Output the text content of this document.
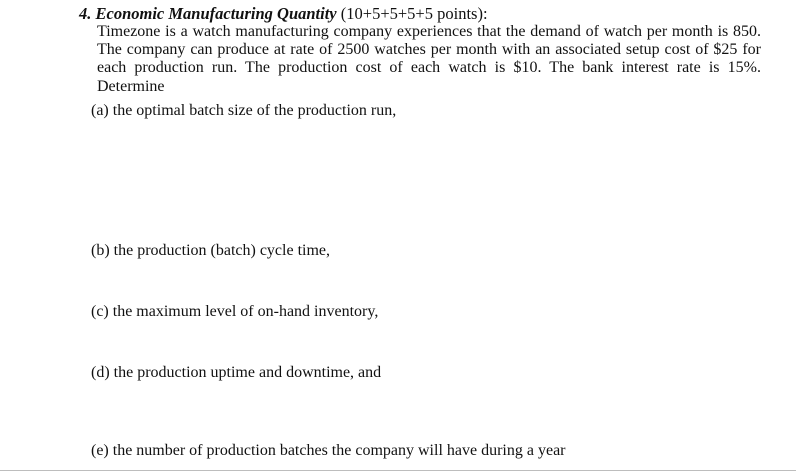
4. Economic Manufacturing Quantity (10+5+5+5+5 points):
Timezone is a watch manufacturing company experiences that the demand of watch per month is 850. The company can produce at rate of 2500 watches per month with an associated setup cost of $25 for each production run. The production cost of each watch is $10. The bank interest rate is 15%. Determine
(a) the optimal batch size of the production run,
(b) the production (batch) cycle time,
(c) the maximum level of on-hand inventory,
(d) the production uptime and downtime, and
(e) the number of production batches the company will have during a year
